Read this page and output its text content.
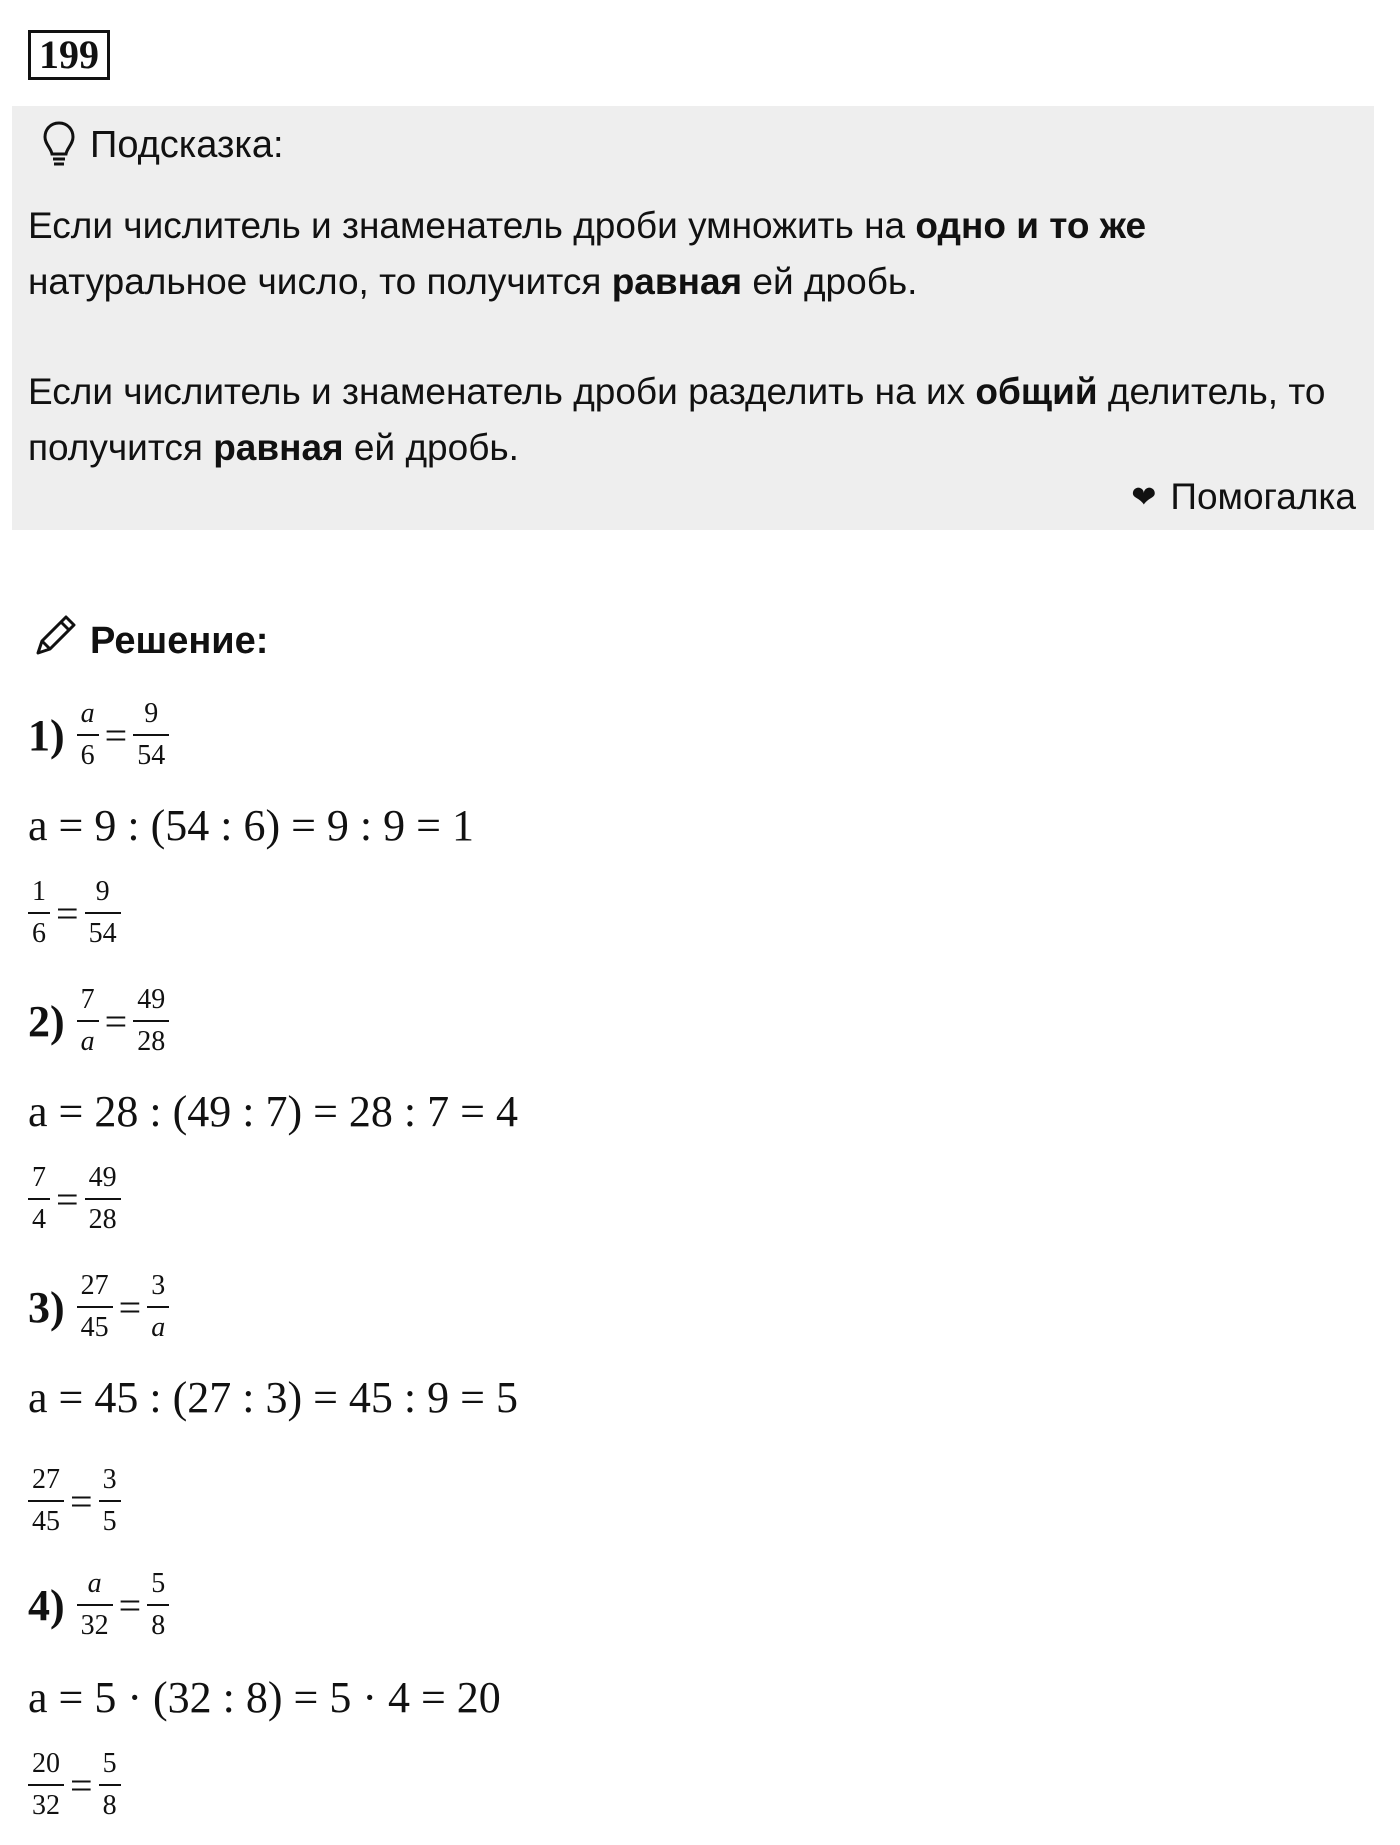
199
Подсказка:
Если числитель и знаменатель дроби умножить на одно и то же натуральное число, то получится равная ей дробь.
Если числитель и знаменатель дроби разделить на их общий делитель, то получится равная ей дробь.
❤ Помогалка
Решение:
$1) \frac{a}{6} = \frac{9}{54}$
a = 9 : (54 : 6) = 9 : 9 = 1
$\frac{1}{6} = \frac{9}{54}$
$2) \frac{7}{a} = \frac{49}{28}$
a = 28 : (49 : 7) = 28 : 7 = 4
$\frac{7}{4} = \frac{49}{28}$
$3) \frac{27}{45} = \frac{3}{a}$
a = 45 : (27 : 3) = 45 : 9 = 5
$\frac{27}{45} = \frac{3}{5}$
$4) \frac{a}{32} = \frac{5}{8}$
a = 5 · (32 : 8) = 5 · 4 = 20
$\frac{20}{32} = \frac{5}{8}$
